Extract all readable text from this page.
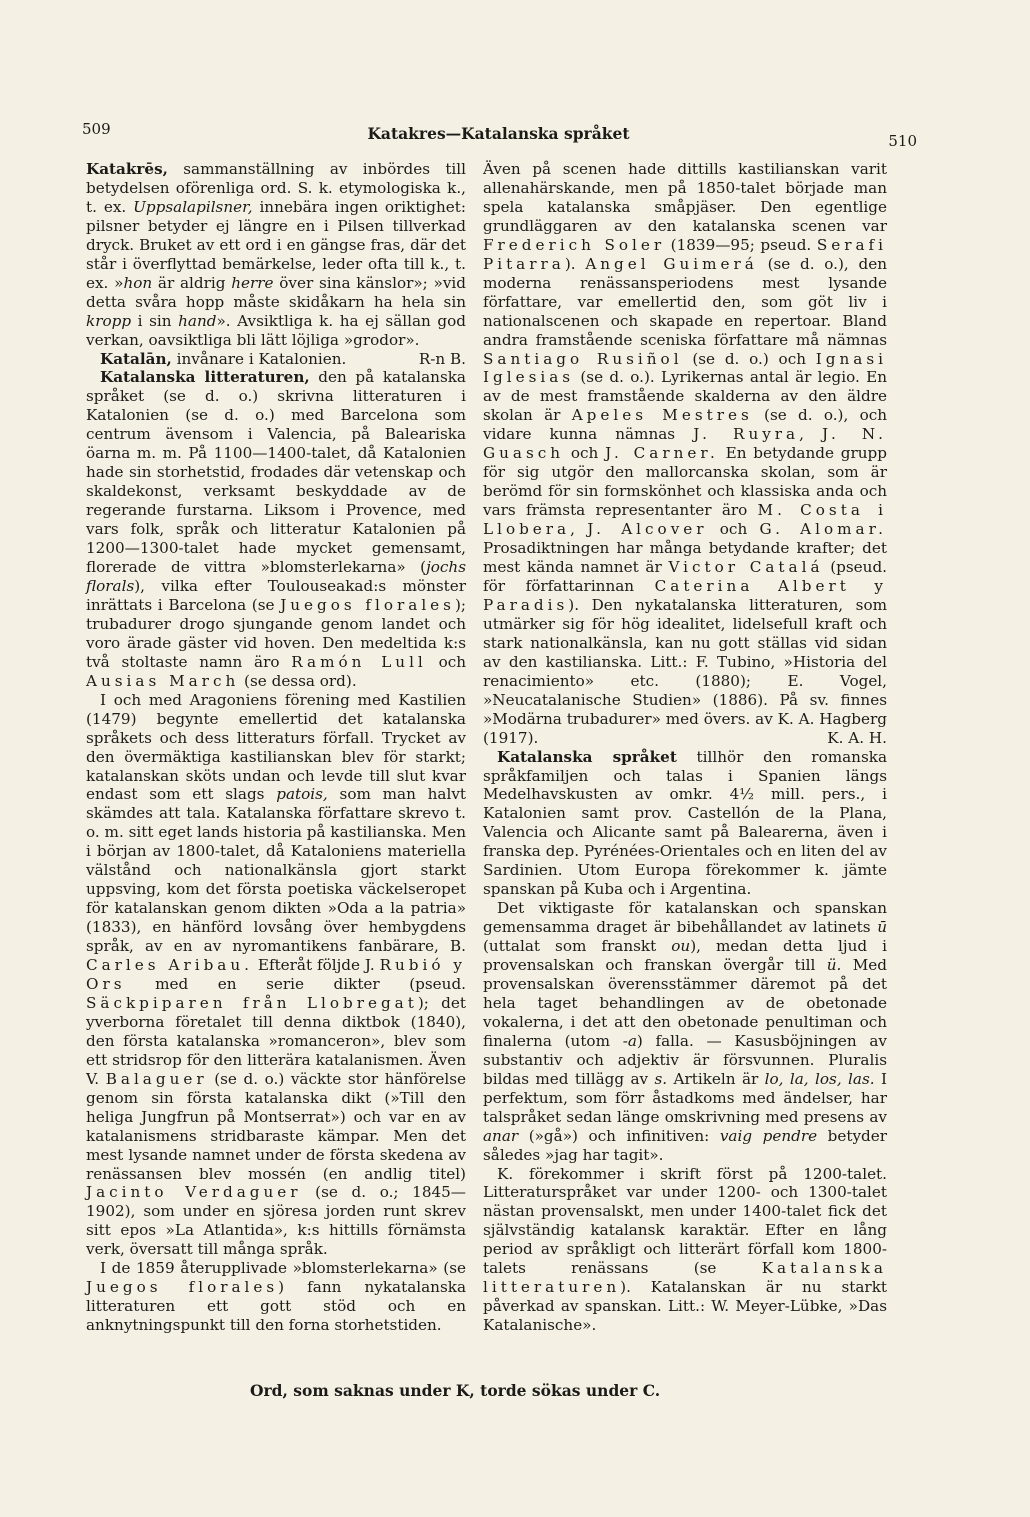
509	Katakres—Katalanska språket	510

Katakrēs, sammanställning av inbördes till betydelsen oförenliga ord. S. k. etymologiska k., t. ex. Uppsalapilsner, innebära ingen oriktighet: pilsner betyder ej längre en i Pilsen tillverkad dryck. Bruket av ett ord i en gängse fras, där det står i överflyttad bemärkelse, leder ofta till k., t. ex. »hon är aldrig herre över sina känslor»; »vid detta svåra hopp måste skidåkarn ha hela sin kropp i sin hand». Avsiktliga k. ha ej sällan god verkan, oavsiktliga bli lätt löjliga »grodor».
R-n B.

Katalān, invånare i Katalonien.

Katalanska litteraturen, den på katalanska språket (se d. o.) skrivna litteraturen i Katalonien (se d. o.) med Barcelona som centrum ävensom i Valencia, på Baleariska öarna m. m. På 1100—1400-talet, då Katalonien hade sin storhetstid, frodades där vetenskap och skaldekonst, verksamt beskyddade av de regerande furstarna. Liksom i Provence, med vars folk, språk och litteratur Katalonien på 1200—1300-talet hade mycket gemensamt, florerade de vittra »blomsterlekarna» (jochs florals), vilka efter Toulouseakad:s mönster inrättats i Barcelona (se Juegos florales); trubadurer drogo sjungande genom landet och voro ärade gäster vid hoven. Den medeltida k:s två stoltaste namn äro Ramón Lull och Ausias March (se dessa ord).

I och med Aragoniens förening med Kastilien (1479) begynte emellertid det katalanska språkets och dess litteraturs förfall. Trycket av den övermäktiga kastilianskan blev för starkt; katalanskan sköts undan och levde till slut kvar endast som ett slags patois, som man halvt skämdes att tala. Katalanska författare skrevo t. o. m. sitt eget lands historia på kastilianska. Men i början av 1800-talet, då Kataloniens materiella välstånd och nationalkänsla gjort starkt uppsving, kom det första poetiska väckelseropet för katalanskan genom dikten »Oda a la patria» (1833), en hänförd lovsång över hembygdens språk, av en av nyromantikens fanbärare, B. Carles Aribau. Efteråt följde J. Rubió y Ors med en serie dikter (pseud. Säckpiparen från Llobregat); det yverborna företalet till denna diktbok (1840), den första katalanska »romanceron», blev som ett stridsrop för den litterära katalanismen. Även V. Balaguer (se d. o.) väckte stor hänförelse genom sin första katalanska dikt (»Till den heliga Jungfrun på Montserrat») och var en av katalanismens stridbaraste kämpar. Men det mest lysande namnet under de första skedena av renässansen blev mossén (en andlig titel) Jacinto Verdaguer (se d. o.; 1845—1902), som under en sjöresa jorden runt skrev sitt epos »La Atlantida», k:s hittills förnämsta verk, översatt till många språk.

I de 1859 återupplivade »blomsterlekarna» (se Juegos florales) fann nykatalanska litteraturen ett gott stöd och en anknytningspunkt till den forna storhetstiden.

Även på scenen hade dittills kastilianskan varit allenahärskande, men på 1850-talet började man spela katalanska småpjäser. Den egentlige grundläggaren av den katalanska scenen var Frederich Soler (1839—95; pseud. Serafi Pitarra). Angel Guimerá (se d. o.), den moderna renässansperiodens mest lysande författare, var emellertid den, som göt liv i nationalscenen och skapade en repertoar. Bland andra framstående sceniska författare må nämnas Santiago Rusiñol (se d. o.) och Ignasi Iglesias (se d. o.). Lyrikernas antal är legio. En av de mest framstående skalderna av den äldre skolan är Apeles Mestres (se d. o.), och vidare kunna nämnas J. Ruyra, J. N. Guasch och J. Carner. En betydande grupp för sig utgör den mallorcanska skolan, som är berömd för sin formskönhet och klassiska anda och vars främsta representanter äro M. Costa i Llobera, J. Alcover och G. Alomar. Prosadiktningen har många betydande krafter; det mest kända namnet är Victor Catalá (pseud. för författarinnan Caterina Albert y Paradis). Den nykatalanska litteraturen, som utmärker sig för hög idealitet, lidelsefull kraft och stark nationalkänsla, kan nu gott ställas vid sidan av den kastilianska. Litt.: F. Tubino, »Historia del renacimiento» etc. (1880); E. Vogel, »Neucatalanische Studien» (1886). På sv. finnes »Modärna trubadurer» med övers. av K. A. Hagberg (1917).	K. A. H.

Katalanska språket tillhör den romanska språkfamiljen och talas i Spanien längs Medelhavskusten av omkr. 4½ mill. pers., i Katalonien samt prov. Castellón de la Plana, Valencia och Alicante samt på Balearerna, även i franska dep. Pyrénées-Orientales och en liten del av Sardinien. Utom Europa förekommer k. jämte spanskan på Kuba och i Argentina.

Det viktigaste för katalanskan och spanskan gemensamma draget är bibehållandet av latinets ū (uttalat som franskt ou), medan detta ljud i provensalskan och franskan övergår till ü. Med provensalskan överensstämmer däremot på det hela taget behandlingen av de obetonade vokalerna, i det att den obetonade penultiman och finalerna (utom -a) falla. — Kasusböjningen av substantiv och adjektiv är försvunnen. Pluralis bildas med tillägg av s. Artikeln är lo, la, los, las. I perfektum, som förr åstadkoms med ändelser, har talspråket sedan länge omskrivning med presens av anar (»gå») och infinitiven: vaig pendre betyder således »jag har tagit».

K. förekommer i skrift först på 1200-talet. Litteraturspråket var under 1200- och 1300-talet nästan provensalskt, men under 1400-talet fick det självständig katalansk karaktär. Efter en lång period av språkligt och litterärt förfall kom 1800-talets renässans (se Katalanska litteraturen). Katalanskan är nu starkt påverkad av spanskan. Litt.: W. Meyer-Lübke, »Das Katalanische».

Ord, som saknas under K, torde sökas under C.
